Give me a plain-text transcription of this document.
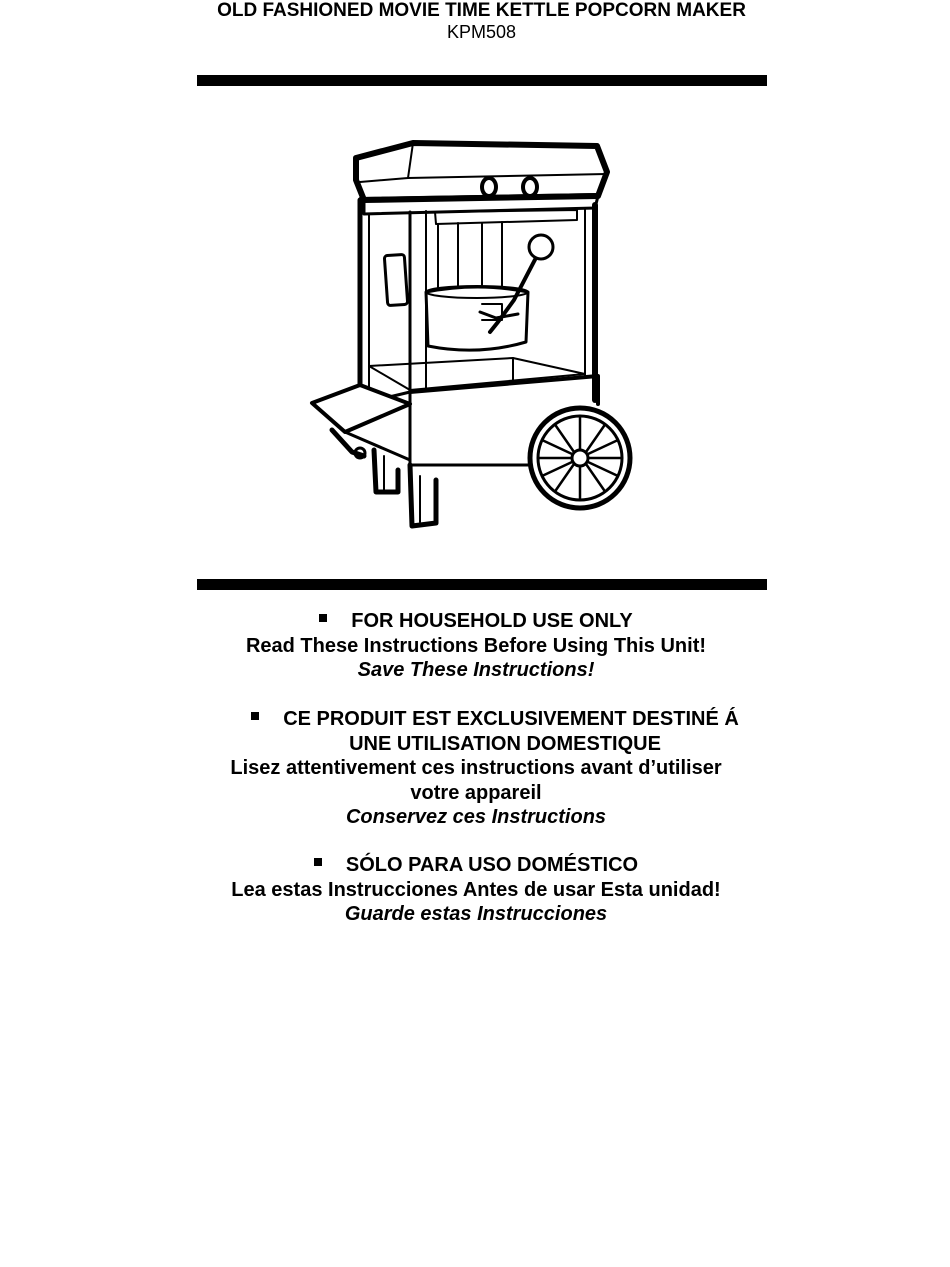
OLD FASHIONED MOVIE TIME KETTLE POPCORN MAKER
KPM508
FOR HOUSEHOLD USE ONLY
Read These Instructions Before Using This Unit!
Save These Instructions!
CE PRODUIT EST EXCLUSIVEMENT DESTINÉ Á
UNE UTILISATION DOMESTIQUE
Lisez attentivement ces instructions avant d’utiliser
votre appareil
Conservez ces Instructions
SÓLO PARA USO DOMÉSTICO
Lea estas Instrucciones Antes de usar Esta unidad!
Guarde estas Instrucciones
